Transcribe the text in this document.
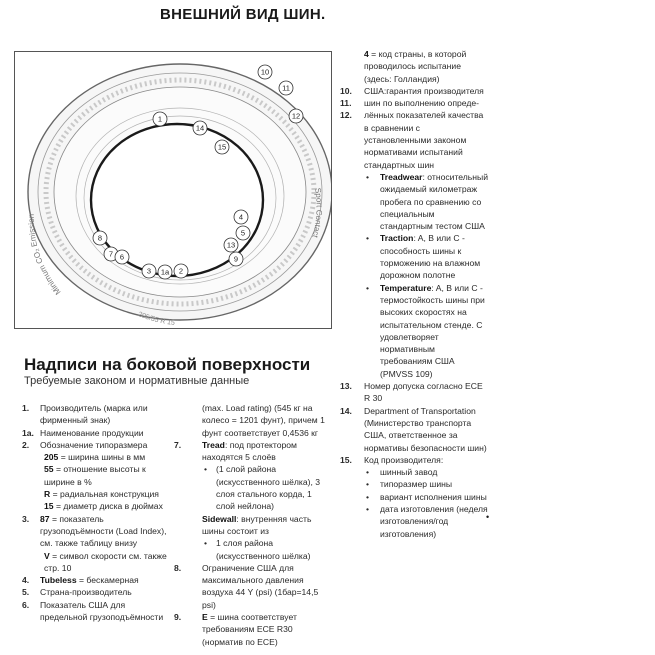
ВНЕШНИЙ ВИД ШИН.
Minimum CO₂ Emission
Sport Contact
205/55 R 15
1
14
15
10
11
12
4
5
13
9
8
7 6
3 1a 2
Надписи на боковой поверхности
Требуемые законом и нормативные данные
1. Производитель (марка или фирменный знак)
1а. Наименование продукции
2. Обозначение типоразмера
205 = ширина шины в мм
55 = отношение высоты к ширине в %
R = радиальная конструкция
15 = диаметр диска в дюймах
3. 87 = показатель грузоподъёмности (Load Index), см. также таблицу внизу
V = символ скорости см. также стр. 10
4. Tubeless = бескамерная
5. Страна-производитель
6. Показатель США для предельной грузоподъёмности
(max. Load rating) (545 кг на колесо = 1201 фунт), причем 1 фунт соответствует 0,4536 кг
7. Tread: под протектором находятся 5 слоёв
• (1 слой района (искусственного шёлка), 3 слоя стального корда, 1 слой нейлона)
Sidewall: внутренняя часть шины состоит из
• 1 слоя района (искусственного шёлка)
8. Ограничение США для максимального давления воздуха 44 Y (psi) (1бар=14,5 psi)
9. E = шина соответствует требованиям ECE R30 (норматив по ECE)
4 = код страны, в которой проводилось испытание (здесь: Голландия)
10. США:гарантия производителя
11. шин по выполнению опреде-
12. лённых показателей качества в сравнении с установленными законом нормативами испытаний стандартных шин
• Treadwear: относительный ожидаемый километраж пробега по сравнению со специальным стандартным тестом США
• Traction: A, B или C - способность шины к торможению на влажном дорожном полотне
• Temperature: A, B или C - термостойкость шины при высоких скоростях на испытательном стенде. C удовлетворяет нормативным требованиям США (PMVSS 109)
13. Номер допуска согласно ECE R 30
14. Department of Transportation (Министерство транспорта США, ответственное за нормативы безопасности шин)
15. Код производителя:
• шинный завод
• типоразмер шины
• вариант исполнения шины
• дата изготовления (неделя изготовления/год изготовления)
•
